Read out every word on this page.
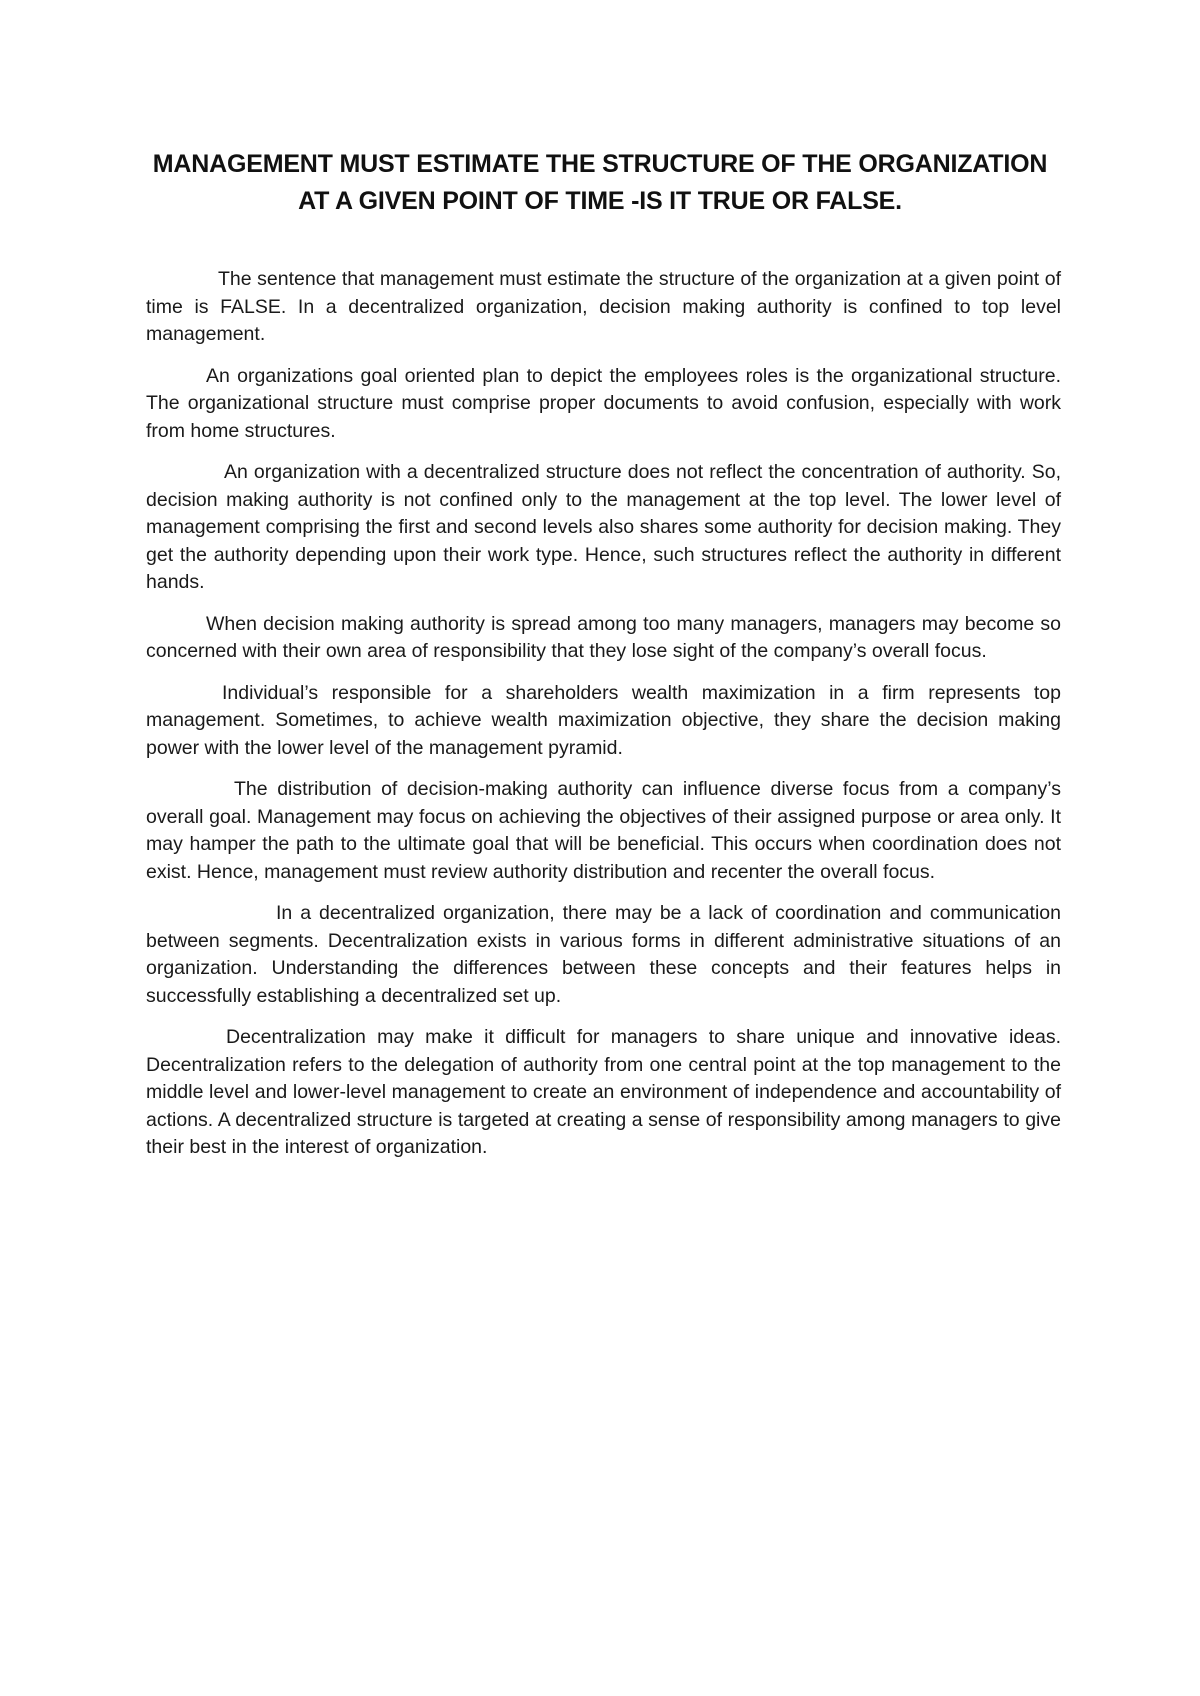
MANAGEMENT MUST ESTIMATE THE STRUCTURE OF THE ORGANIZATION AT A GIVEN POINT OF TIME -IS IT TRUE OR FALSE.

The sentence that management must estimate the structure of the organization at a given point of time is FALSE. In a decentralized organization, decision making authority is confined to top level management.

An organizations goal oriented plan to depict the employees roles is the organizational structure. The organizational structure must comprise proper documents to avoid confusion, especially with work from home structures.

An organization with a decentralized structure does not reflect the concentration of authority. So, decision making authority is not confined only to the management at the top level. The lower level of management comprising the first and second levels also shares some authority for decision making. They get the authority depending upon their work type. Hence, such structures reflect the authority in different hands.

When decision making authority is spread among too many managers, managers may become so concerned with their own area of responsibility that they lose sight of the company’s overall focus.

Individual’s responsible for a shareholders wealth maximization in a firm represents top management. Sometimes, to achieve wealth maximization objective, they share the decision making power with the lower level of the management pyramid.

The distribution of decision-making authority can influence diverse focus from a company’s overall goal. Management may focus on achieving the objectives of their assigned purpose or area only. It may hamper the path to the ultimate goal that will be beneficial. This occurs when coordination does not exist. Hence, management must review authority distribution and recenter the overall focus.

In a decentralized organization, there may be a lack of coordination and communication between segments. Decentralization exists in various forms in different administrative situations of an organization. Understanding the differences between these concepts and their features helps in successfully establishing a decentralized set up.

Decentralization may make it difficult for managers to share unique and innovative ideas. Decentralization refers to the delegation of authority from one central point at the top management to the middle level and lower-level management to create an environment of independence and accountability of actions. A decentralized structure is targeted at creating a sense of responsibility among managers to give their best in the interest of organization.
